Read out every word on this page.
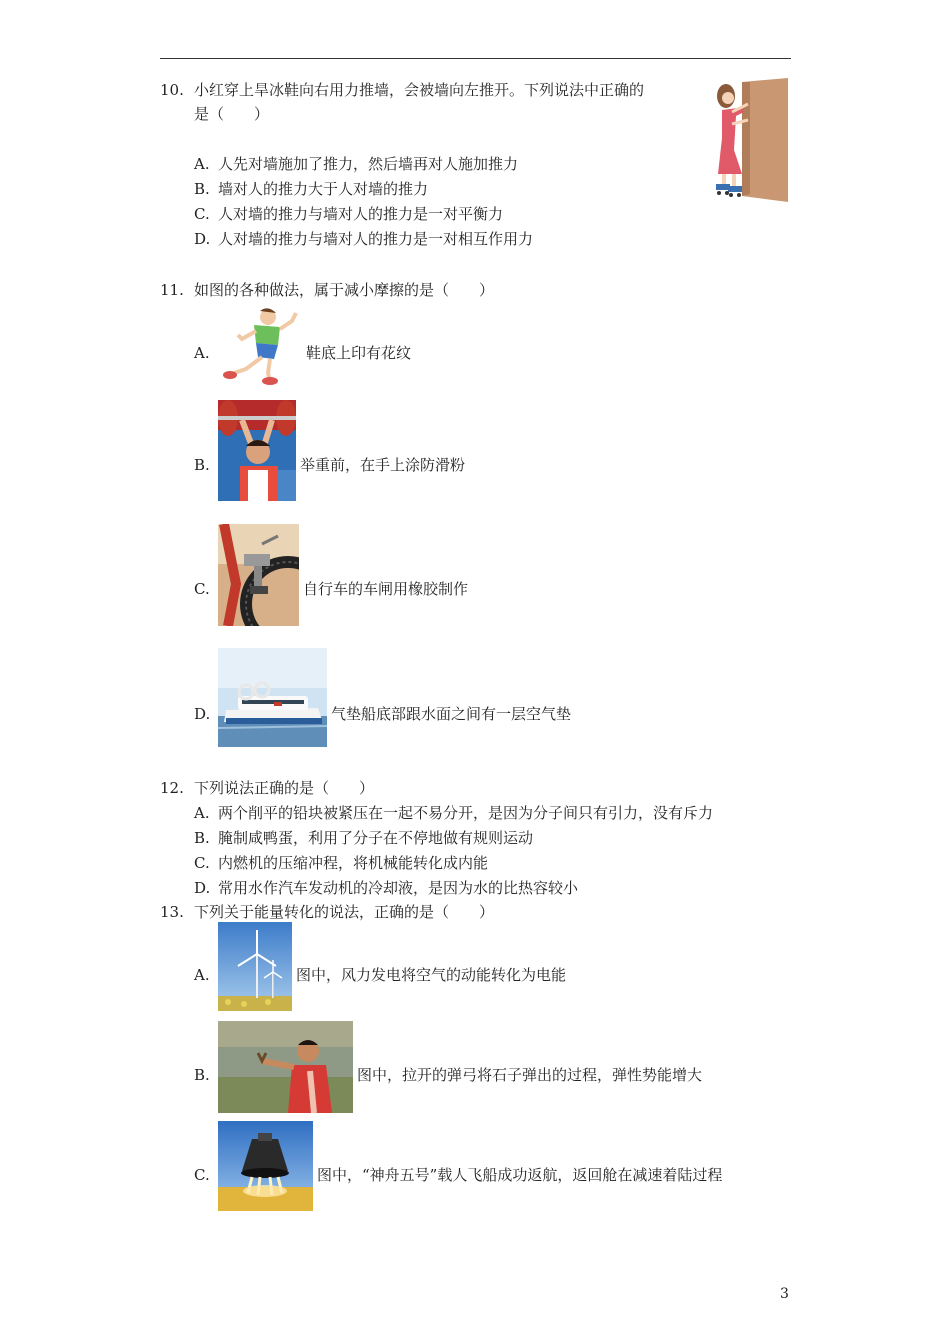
10. 小红穿上旱冰鞋向右用力推墙，会被墙向左推开。下列说法中正确的
是（　　）
A. 人先对墙施加了推力，然后墙再对人施加推力
B. 墙对人的推力大于人对墙的推力
C. 人对墙的推力与墙对人的推力是一对平衡力
D. 人对墙的推力与墙对人的推力是一对相互作用力
11. 如图的各种做法，属于减小摩擦的是（　　）
A.	鞋底上印有花纹
B.	举重前，在手上涂防滑粉
C.	自行车的车闸用橡胶制作
D.	气垫船底部跟水面之间有一层空气垫
12. 下列说法正确的是（　　）
A. 两个削平的铅块被紧压在一起不易分开，是因为分子间只有引力，没有斥力
B. 腌制咸鸭蛋，利用了分子在不停地做有规则运动
C. 内燃机的压缩冲程，将机械能转化成内能
D. 常用水作汽车发动机的冷却液，是因为水的比热容较小
13. 下列关于能量转化的说法，正确的是（　　）
A.	图中，风力发电将空气的动能转化为电能
B.	图中，拉开的弹弓将石子弹出的过程，弹性势能增大
C.	图中，“神舟五号”载人飞船成功返航，返回舱在减速着陆过程
3
